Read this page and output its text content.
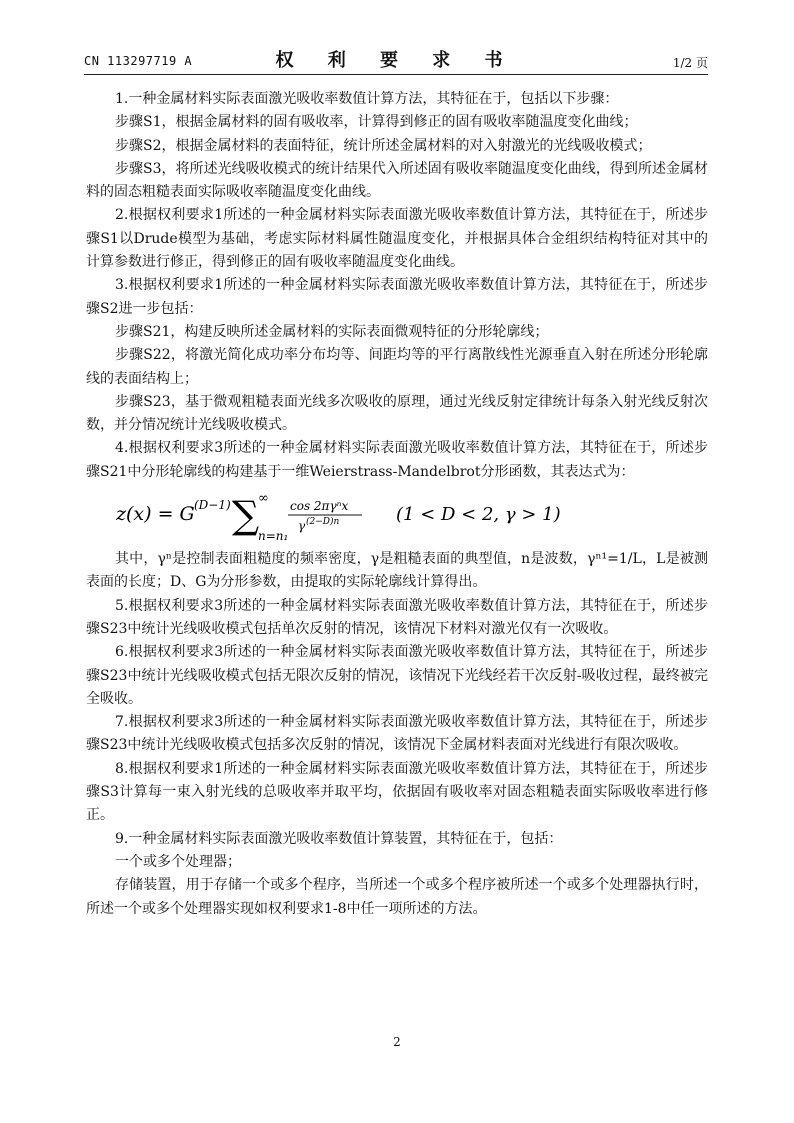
CN 113297719 A	权 利 要 求 书	1/2 页

1.一种金属材料实际表面激光吸收率数值计算方法，其特征在于，包括以下步骤：

步骤S1，根据金属材料的固有吸收率，计算得到修正的固有吸收率随温度变化曲线；

步骤S2，根据金属材料的表面特征，统计所述金属材料的对入射激光的光线吸收模式；

步骤S3，将所述光线吸收模式的统计结果代入所述固有吸收率随温度变化曲线，得到所述金属材料的固态粗糙表面实际吸收率随温度变化曲线。

2.根据权利要求1所述的一种金属材料实际表面激光吸收率数值计算方法，其特征在于，所述步骤S1以Drude模型为基础，考虑实际材料属性随温度变化，并根据具体合金组织结构特征对其中的计算参数进行修正，得到修正的固有吸收率随温度变化曲线。

3.根据权利要求1所述的一种金属材料实际表面激光吸收率数值计算方法，其特征在于，所述步骤S2进一步包括：

步骤S21，构建反映所述金属材料的实际表面微观特征的分形轮廓线；

步骤S22，将激光简化成功率分布均等、间距均等的平行离散线性光源垂直入射在所述分形轮廓线的表面结构上；

步骤S23，基于微观粗糙表面光线多次吸收的原理，通过光线反射定律统计每条入射光线反射次数，并分情况统计光线吸收模式。

4.根据权利要求3所述的一种金属材料实际表面激光吸收率数值计算方法，其特征在于，所述步骤S21中分形轮廓线的构建基于一维Weierstrass-Mandelbrot分形函数，其表达式为：

z(x) = G (D−1) ∑
∞
n=n₁
cos 2πγⁿx
γ (2−D)n	(1 < D < 2, γ > 1)

其中，γⁿ是控制表面粗糙度的频率密度，γ是粗糙表面的典型值，n是波数，γⁿ¹=1/L，L是被测表面的长度；D、G为分形参数，由提取的实际轮廓线计算得出。

5.根据权利要求3所述的一种金属材料实际表面激光吸收率数值计算方法，其特征在于，所述步骤S23中统计光线吸收模式包括单次反射的情况，该情况下材料对激光仅有一次吸收。

6.根据权利要求3所述的一种金属材料实际表面激光吸收率数值计算方法，其特征在于，所述步骤S23中统计光线吸收模式包括无限次反射的情况，该情况下光线经若干次反射-吸收过程，最终被完全吸收。

7.根据权利要求3所述的一种金属材料实际表面激光吸收率数值计算方法，其特征在于，所述步骤S23中统计光线吸收模式包括多次反射的情况，该情况下金属材料表面对光线进行有限次吸收。

8.根据权利要求1所述的一种金属材料实际表面激光吸收率数值计算方法，其特征在于，所述步骤S3计算每一束入射光线的总吸收率并取平均，依据固有吸收率对固态粗糙表面实际吸收率进行修正。

9.一种金属材料实际表面激光吸收率数值计算装置，其特征在于，包括：

一个或多个处理器；

存储装置，用于存储一个或多个程序，当所述一个或多个程序被所述一个或多个处理器执行时，所述一个或多个处理器实现如权利要求1-8中任一项所述的方法。

2
